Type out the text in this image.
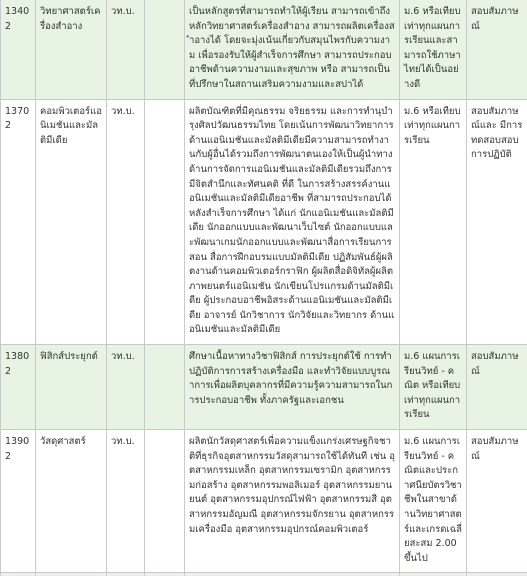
13402	วิทยาศาสตร์เครื่องสำอาง	วท.บ.		เป็นหลักสูตรที่สามารถทำให้ผู้เรียน สามารถเข้าถึงหลักวิทยาศาสตร์เครื่องสำอาง สามารถผลิตเครื่องสำอางได้ โดยจะมุ่งเน้นเกี่ยวกับสมุนไพรกับความงาม เพื่อรองรับให้ผู้สำเร็จการศึกษา สามารถประกอบอาชีพด้านความงามและสุขภาพ หรือ สามารถเป็นที่ปรึกษาในสถานเสริมความงามและสปาได้	ม.6 หรือเทียบเท่าทุกแผนการเรียนและสามารถใช้ภาษาไทยได้เป็นอย่างดี	สอบสัมภาษณ์
13702	คอมพิวเตอร์แอนิเมชันและมัลติมีเดีย	วท.บ.		ผลิตบัณฑิตที่มีคุณธรรม จริยธรรม และการทำนุบำรุงศิลปวัฒนธรรมไทย โดยเน้นการพัฒนาวิทยาการด้านแอนิเมชันและมัลติมีเดียมีความสามารถทำงานกับผู้อื่นได้รวมถึงการพัฒนาตนเองให้เป็นผู้นำทางด้านการจัดการแอนิเมชันและมัลติมีเดียรวมถึงการมีจิตสำนึกและทัศนคติ ที่ดี ในการสร้างสรรค์งานแอนิเมชันและมัลติมีเดียอาชีพ ที่สามารถประกอบได้หลังสำเร็จการศึกษา ได้แก่ นักแอนิเมชันและมัลติมีเดีย นักออกแบบและพัฒนาเว็บไซต์ นักออกแบบและพัฒนาเกมนักออกแบบและพัฒนาสื่อการเรียนการสอน สื่อการฝึกอบรมแบบมัลติมีเดีย ปฏิสัมพันธ์ผู้ผลิตงานด้านคอมพิวเตอร์กราฟิก ผู้ผลิตสื่อดิจิทัลผู้ผลิตภาพยนตร์แอนิเมชัน นักเขียนโปรแกรมด้านมัลติมีเดีย ผู้ประกอบอาชีพอิสระด้านแอนิเมชันและมัลติมีเดีย อาจารย์ นักวิชาการ นักวิจัยและวิทยากร ด้านแอนิเมชันและมัลติมีเดีย	ม.6 หรือเทียบเท่าทุกแผนการเรียน	สอบสัมภาษณ์และ มีการทดสอบสอบการปฏิบัติ
13802	ฟิสิกส์ประยุกต์	วท.บ.		ศึกษาเนื้อหาทางวิชาฟิสิกส์ การประยุกต์ใช้ การทำปฏิบัติการการสร้างเครื่องมือ และทำวิจัยแบบบูรณาการเพื่อผลิตบุคลากรที่มีความรู้ความสามารถในการประกอบอาชีพ ทั้งภาครัฐและเอกชน	ม.6 แผนการเรียนวิทย์ - คณิต หรือเทียบเท่าทุกแผนการเรียน	สอบสัมภาษณ์
13902	วัสดุศาสตร์	วท.บ.		ผลิตนักวัสดุศาสตร์เพื่อความแข็งแกร่งเศรษฐกิจชาติที่ธุรกิจอุตสาหกรรมวัสดุสามารถใช้ได้ทันที เช่น อุตสาหกรรมเหล็ก อุตสาหกรรมเซรามิก อุตสาหกรรมก่อสร้าง อุตสาหกรรมพอลิเมอร์ อุตสาหกรรมยานยนต์ อุตสาหกรรมอุปกรณ์ไฟฟ้า อุตสาหกรรมสี อุตสาหกรรมอัญมณี อุตสาหกรรมจักรยาน อุตสาหกรรมเครื่องมือ อุตสาหกรรมอุปกรณ์คอมพิวเตอร์	ม.6 แผนการเรียนวิทย์ - คณิตและประกาศนียบัตรวิชาชีพในสาขาด้านวิทยาศาสตร์และเกรดเฉลี่ยสะสม 2.00 ขึ้นไป	สอบสัมภาษณ์
